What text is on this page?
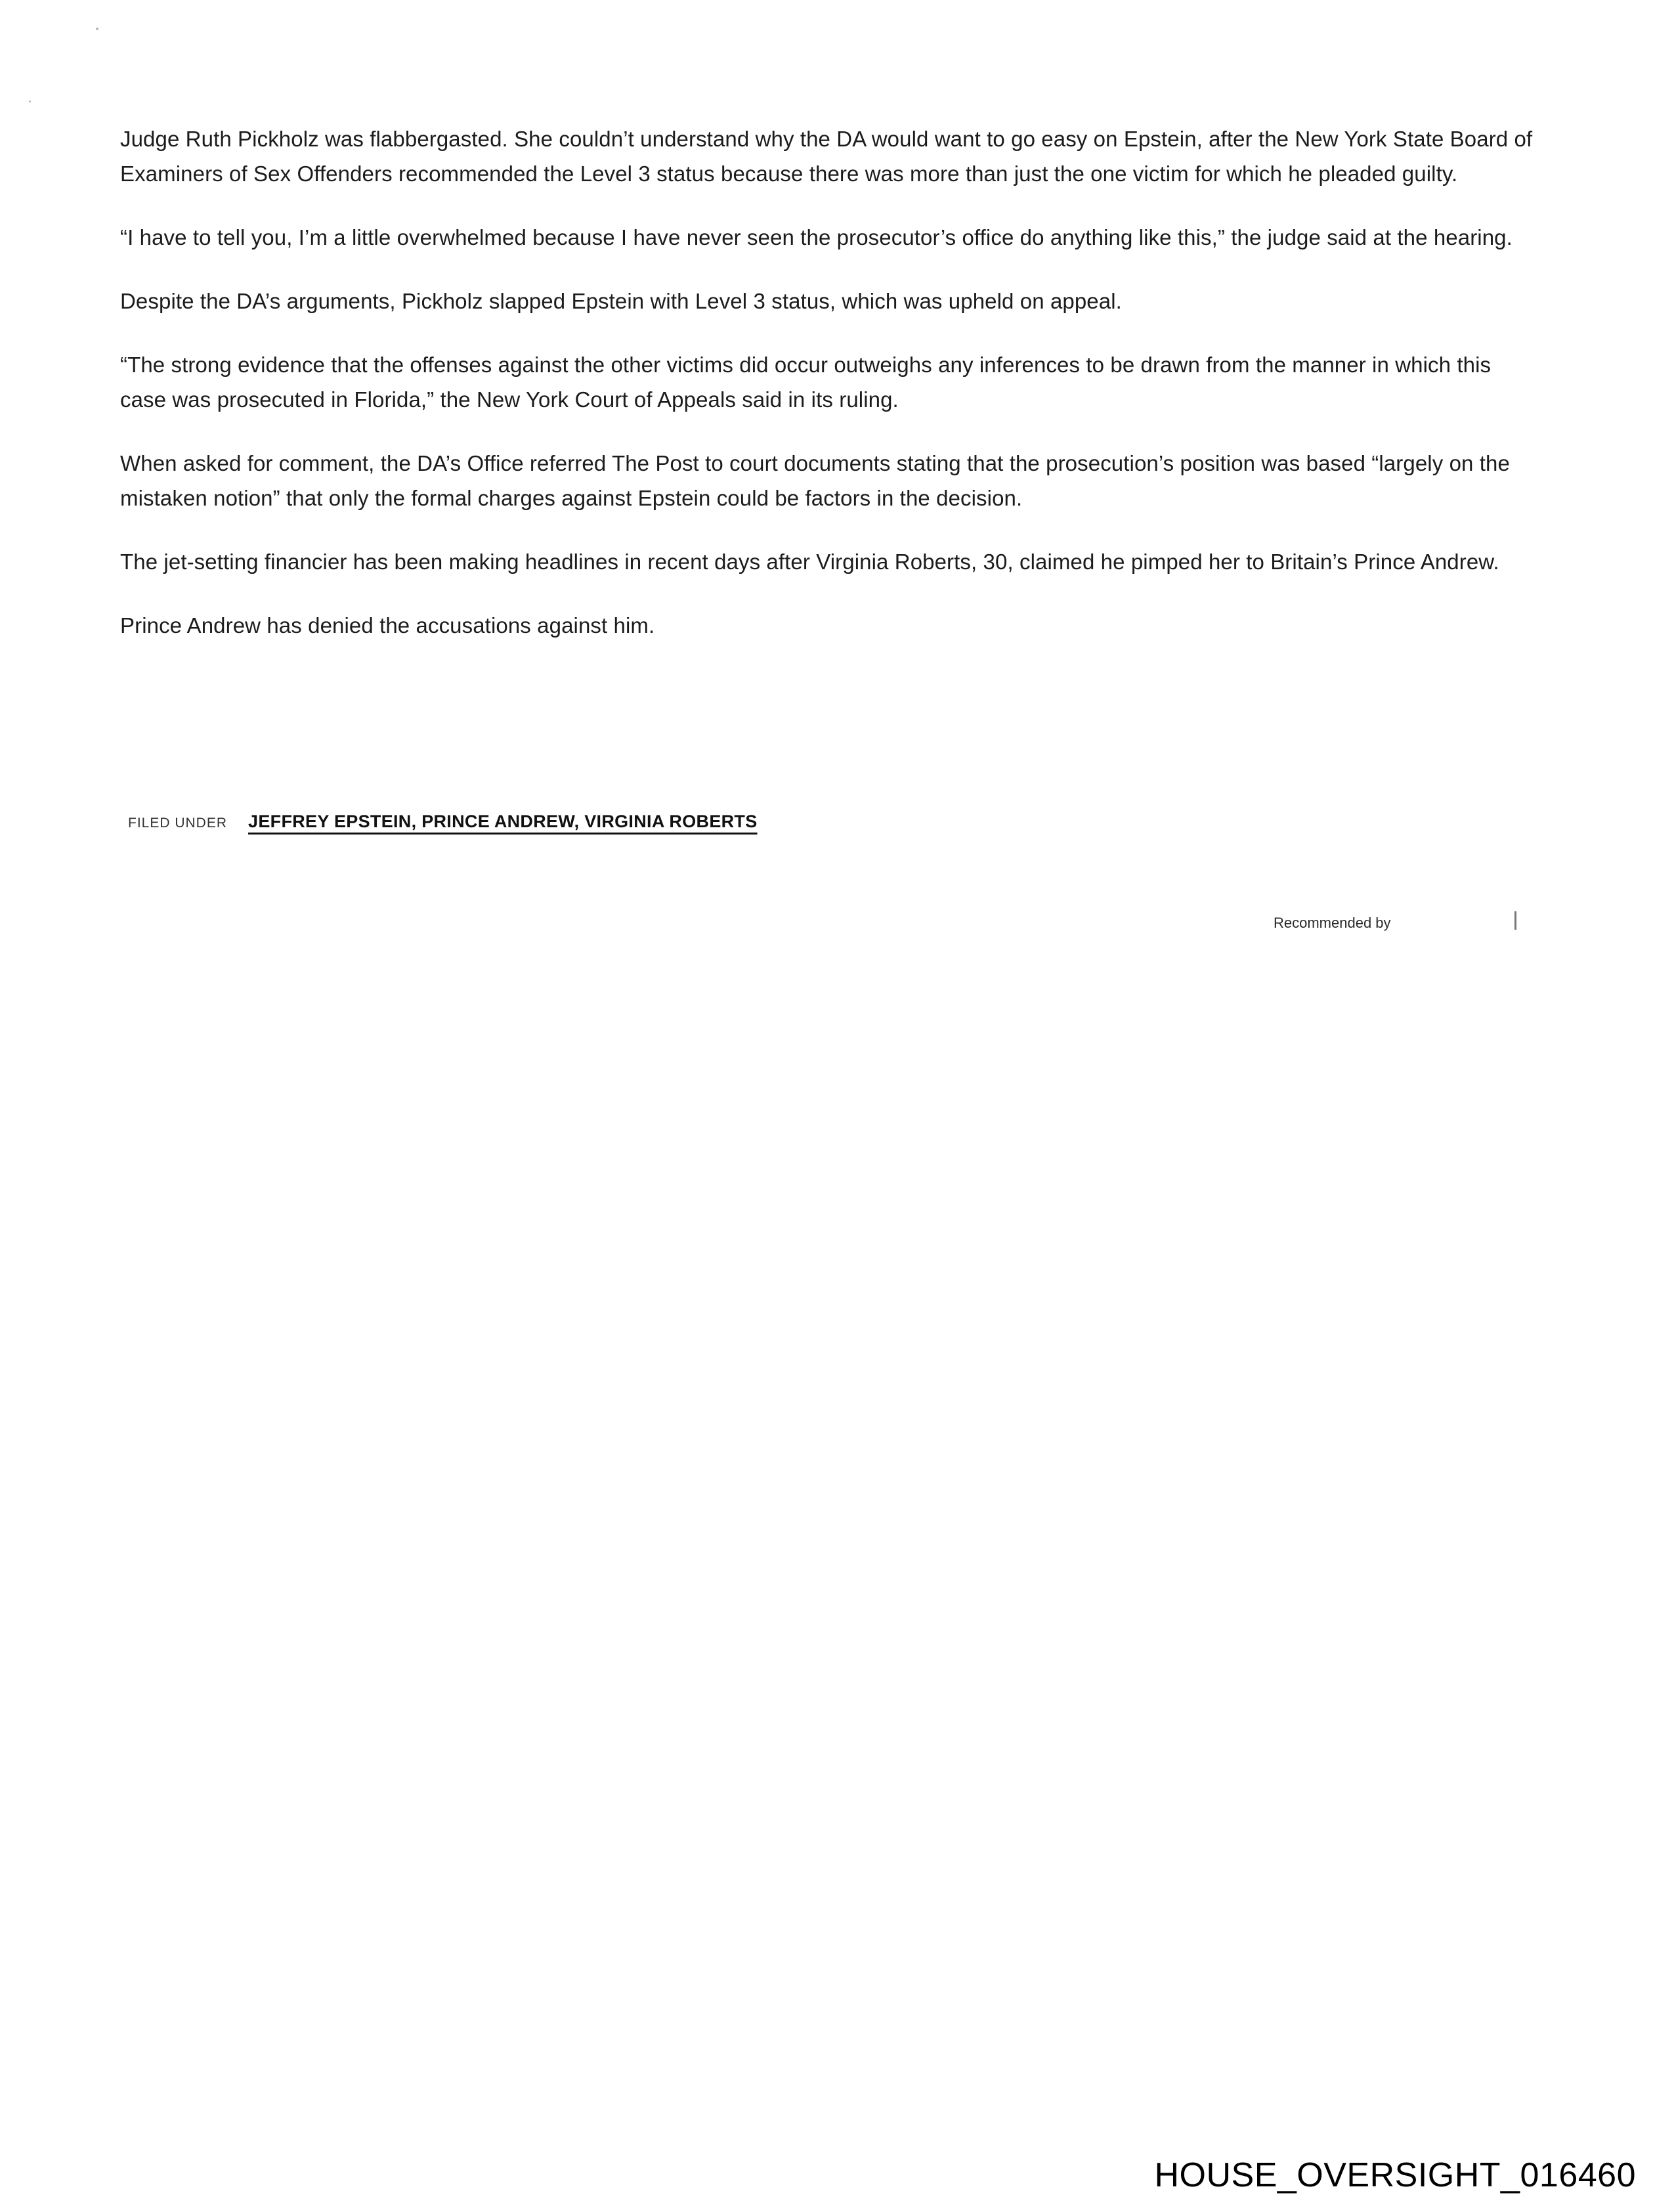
Judge Ruth Pickholz was flabbergasted. She couldn’t understand why the DA would want to go easy on Epstein, after the New York State Board of Examiners of Sex Offenders recommended the Level 3 status because there was more than just the one victim for which he pleaded guilty.

“I have to tell you, I’m a little overwhelmed because I have never seen the prosecutor’s office do anything like this,” the judge said at the hearing.

Despite the DA’s arguments, Pickholz slapped Epstein with Level 3 status, which was upheld on appeal.

“The strong evidence that the offenses against the other victims did occur outweighs any inferences to be drawn from the manner in which this case was prosecuted in Florida,” the New York Court of Appeals said in its ruling.

When asked for comment, the DA’s Office referred The Post to court documents stating that the prosecution’s position was based “largely on the mistaken notion” that only the formal charges against Epstein could be factors in the decision.

The jet-setting financier has been making headlines in recent days after Virginia Roberts, 30, claimed he pimped her to Britain’s Prince Andrew.

Prince Andrew has denied the accusations against him.

FILED UNDER JEFFREY EPSTEIN, PRINCE ANDREW, VIRGINIA ROBERTS
Recommended by
HOUSE_OVERSIGHT_016460
